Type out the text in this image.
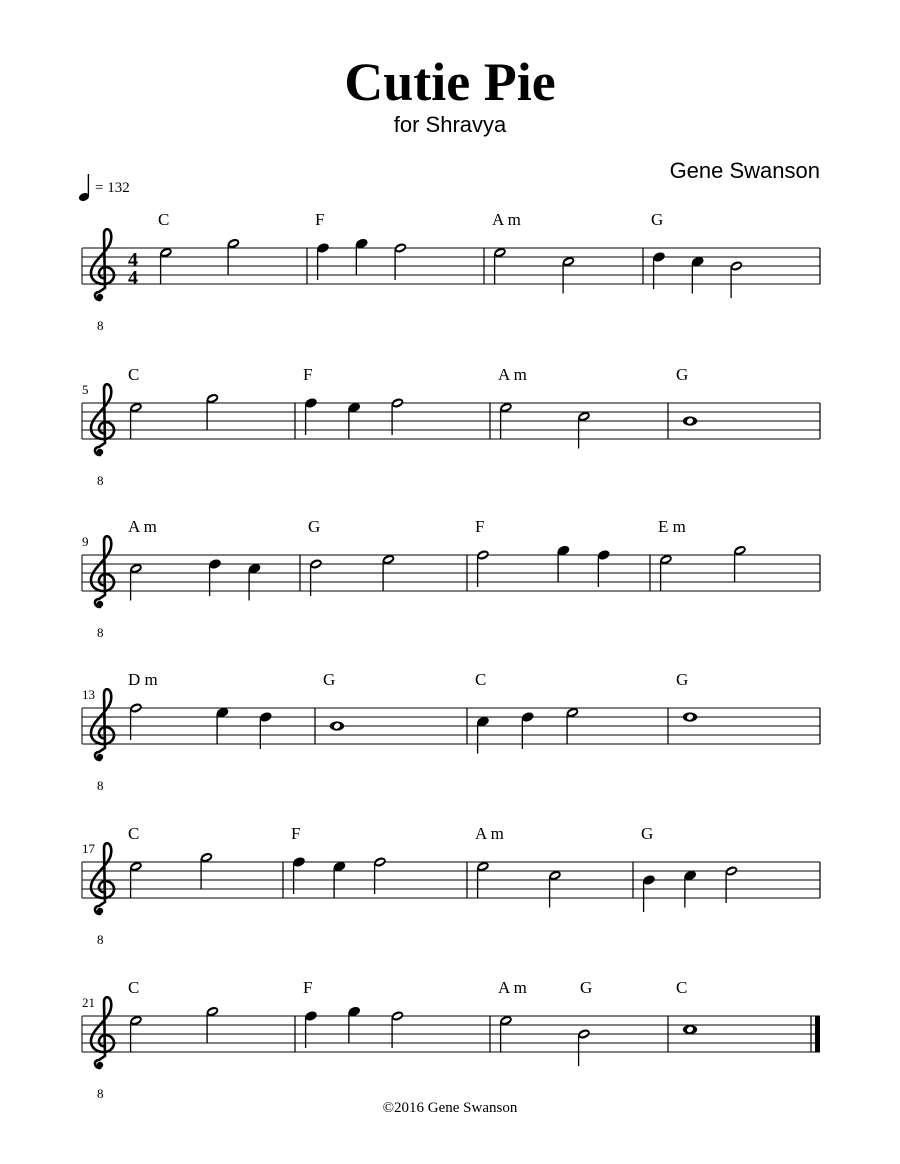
Cutie Pie
for Shravya
Gene Swanson
= 132
8
4
4
8
8
8
8
8
C	F	A m	G
5
C	F	A m	G
9
A m	G	F	E m
13
D m	G	C	G
17
C	F	A m	G
21
C	F	A m	G	C
©2016 Gene Swanson
